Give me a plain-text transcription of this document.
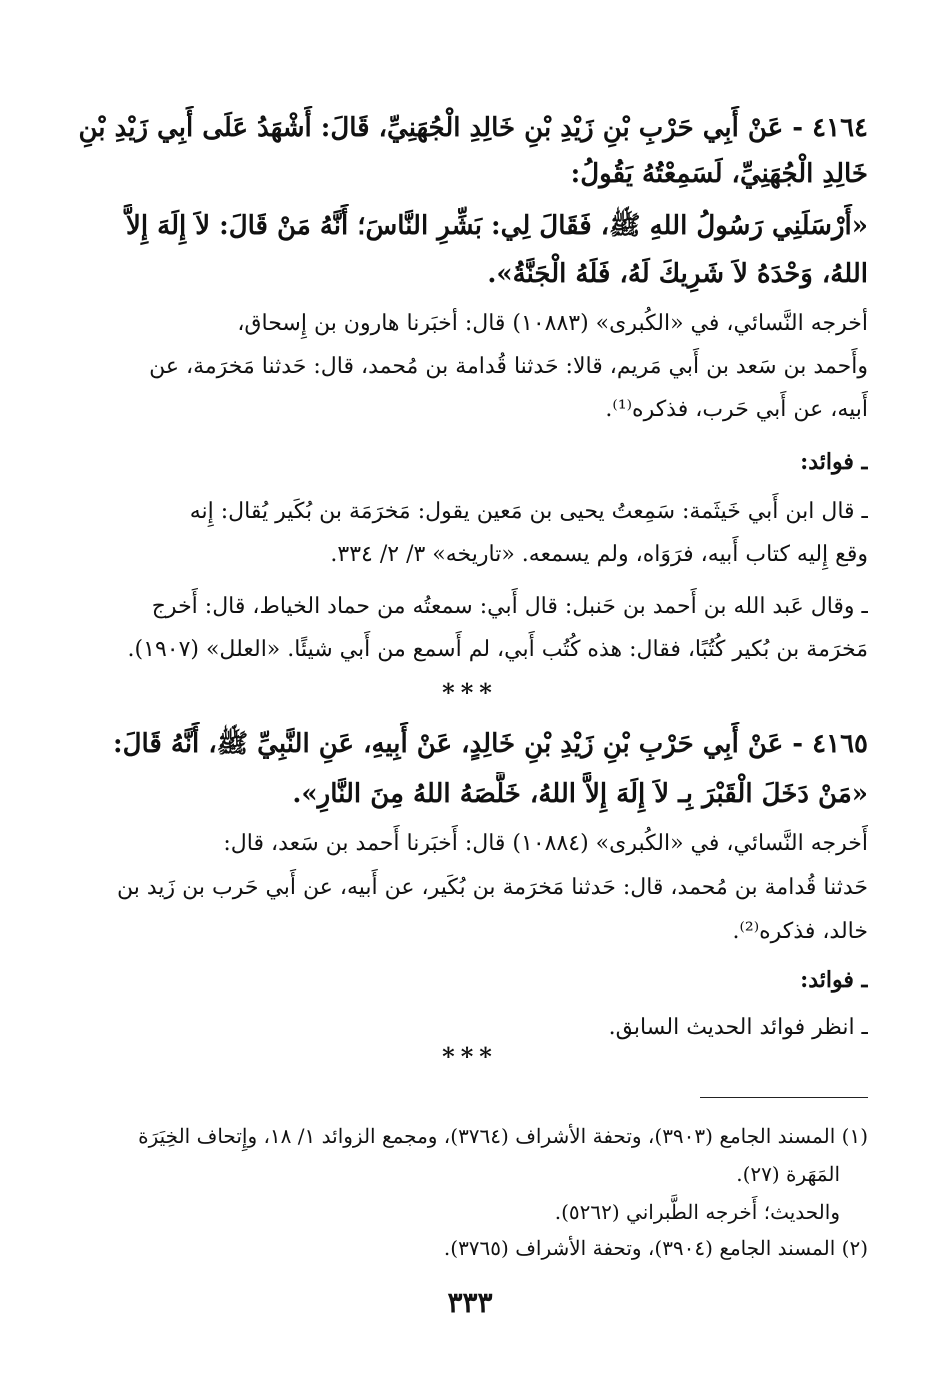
٤١٦٤ - عَنْ أَبِي حَرْبِ بْنِ زَيْدِ بْنِ خَالِدِ الْجُهَنِيِّ، قَالَ: أَشْهَدُ عَلَى أَبِي زَيْدِ بْنِ
خَالِدِ الْجُهَنِيِّ، لَسَمِعْتُهُ يَقُولُ:
«أَرْسَلَنِي رَسُولُ اللهِ ﷺ، فَقَالَ لِي: بَشِّرِ النَّاسَ؛ أَنَّهُ مَنْ قَالَ: لاَ إِلَهَ إِلاَّ
اللهُ، وَحْدَهُ لاَ شَرِيكَ لَهُ، فَلَهُ الْجَنَّةُ».
أخرجه النَّسائي، في «الكُبرى» (١٠٨٨٣) قال: أخبَرنا هارون بن إِسحاق،
وأَحمد بن سَعد بن أَبي مَريم، قالا: حَدثنا قُدامة بن مُحمد، قال: حَدثنا مَخرَمة، عن
أَبيه، عن أَبي حَرب، فذكره⁽¹⁾.
ـ فوائد:
ـ قال ابن أَبي خَيثَمة: سَمِعتُ يحيى بن مَعين يقول: مَخرَمَة بن بُكَير يُقال: إِنه
وقع إِليه كتاب أَبيه، فرَوَاه، ولم يسمعه. «تاريخه» ٣/ ٢/ ٣٣٤.
ـ وقال عَبد الله بن أَحمد بن حَنبل: قال أَبي: سمعتُه من حماد الخياط، قال: أَخرج
مَخرَمة بن بُكير كُتُبًا، فقال: هذه كُتُب أَبي، لم أَسمع من أَبي شيئًا. «العلل» (١٩٠٧).
***
٤١٦٥ - عَنْ أَبِي حَرْبِ بْنِ زَيْدِ بْنِ خَالِدٍ، عَنْ أَبِيهِ، عَنِ النَّبِيِّ ﷺ، أَنَّهُ قَالَ:
«مَنْ دَخَلَ الْقَبْرَ بِـ لاَ إِلَهَ إِلاَّ اللهُ، خَلَّصَهُ اللهُ مِنَ النَّارِ».
أَخرجه النَّسائي، في «الكُبرى» (١٠٨٨٤) قال: أَخبَرنا أَحمد بن سَعد، قال:
حَدثنا قُدامة بن مُحمد، قال: حَدثنا مَخرَمة بن بُكَير، عن أَبيه، عن أَبي حَرب بن زَيد بن
خالد، فذكره⁽²⁾.
ـ فوائد:
ـ انظر فوائد الحديث السابق.
***
(١) المسند الجامع (٣٩٠٣)، وتحفة الأشراف (٣٧٦٤)، ومجمع الزوائد ١/ ١٨، وإِتحاف الخِيَرَة
المَهَرة (٢٧).
والحديث؛ أَخرجه الطَّبراني (٥٢٦٢).
(٢) المسند الجامع (٣٩٠٤)، وتحفة الأشراف (٣٧٦٥).
٣٣٣
